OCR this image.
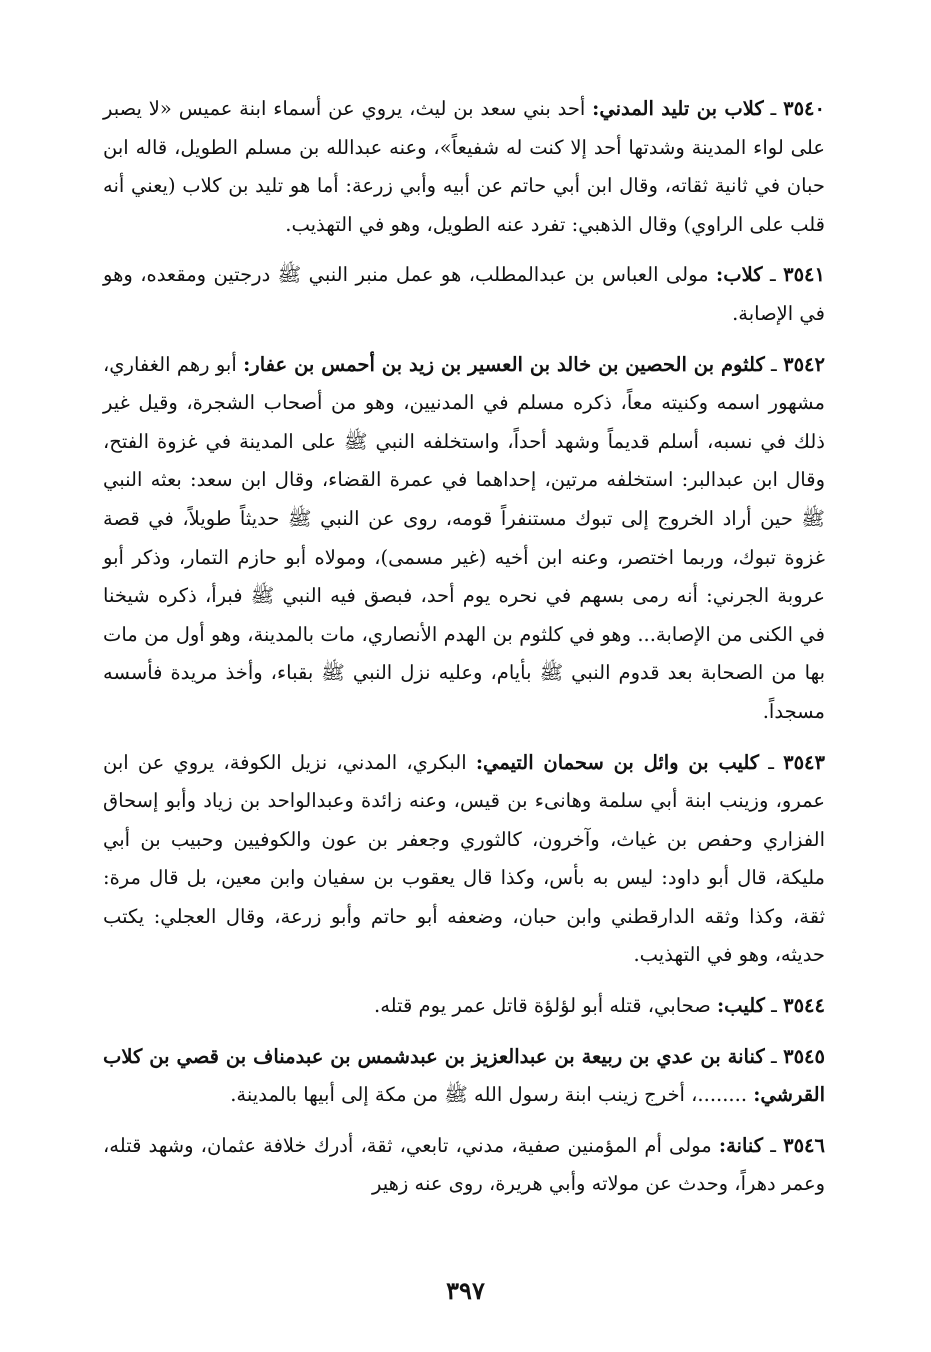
٣٥٤٠ ـ كلاب بن تليد المدني: أحد بني سعد بن ليث، يروي عن أسماء ابنة عميس «لا يصبر على لواء المدينة وشدتها أحد إلا كنت له شفيعاً»، وعنه عبدالله بن مسلم الطويل، قاله ابن حبان في ثانية ثقاته، وقال ابن أبي حاتم عن أبيه وأبي زرعة: أما هو تليد بن كلاب (يعني أنه قلب على الراوي) وقال الذهبي: تفرد عنه الطويل، وهو في التهذيب.

٣٥٤١ ـ كلاب: مولى العباس بن عبدالمطلب، هو عمل منبر النبي ﷺ درجتين ومقعده، وهو في الإصابة.

٣٥٤٢ ـ كلثوم بن الحصين بن خالد بن العسير بن زيد بن أحمس بن عفار: أبو رهم الغفاري، مشهور اسمه وكنيته معاً، ذكره مسلم في المدنيين، وهو من أصحاب الشجرة، وقيل غير ذلك في نسبه، أسلم قديماً وشهد أحداً، واستخلفه النبي ﷺ على المدينة في غزوة الفتح، وقال ابن عبدالبر: استخلفه مرتين، إحداهما في عمرة القضاء، وقال ابن سعد: بعثه النبي ﷺ حين أراد الخروج إلى تبوك مستنفراً قومه، روى عن النبي ﷺ حديثاً طويلاً، في قصة غزوة تبوك، وربما اختصر، وعنه ابن أخيه (غير مسمى)، ومولاه أبو حازم التمار، وذكر أبو عروبة الجرني: أنه رمى بسهم في نحره يوم أحد، فبصق فيه النبي ﷺ فبرأ، ذكره شيخنا في الكنى من الإصابة... وهو في كلثوم بن الهدم الأنصاري، مات بالمدينة، وهو أول من مات بها من الصحابة بعد قدوم النبي ﷺ بأيام، وعليه نزل النبي ﷺ بقباء، وأخذ مريدة فأسسه مسجداً.

٣٥٤٣ ـ كليب بن وائل بن سحمان التيمي: البكري، المدني، نزيل الكوفة، يروي عن ابن عمرو، وزينب ابنة أبي سلمة وهانىء بن قيس، وعنه زائدة وعبدالواحد بن زياد وأبو إسحاق الفزاري وحفص بن غياث، وآخرون، كالثوري وجعفر بن عون والكوفيين وحبيب بن أبي مليكة، قال أبو داود: ليس به بأس، وكذا قال يعقوب بن سفيان وابن معين، بل قال مرة: ثقة، وكذا وثقه الدارقطني وابن حبان، وضعفه أبو حاتم وأبو زرعة، وقال العجلي: يكتب حديثه، وهو في التهذيب.

٣٥٤٤ ـ كليب: صحابي، قتله أبو لؤلؤة قاتل عمر يوم قتله.

٣٥٤٥ ـ كنانة بن عدي بن ربيعة بن عبدالعزيز بن عبدشمس بن عبدمناف بن قصي بن كلاب القرشي: ........، أخرج زينب ابنة رسول الله ﷺ من مكة إلى أبيها بالمدينة.

٣٥٤٦ ـ كنانة: مولى أم المؤمنين صفية، مدني، تابعي، ثقة، أدرك خلافة عثمان، وشهد قتله، وعمر دهراً، وحدث عن مولاته وأبي هريرة، روى عنه زهير

٣٩٧
